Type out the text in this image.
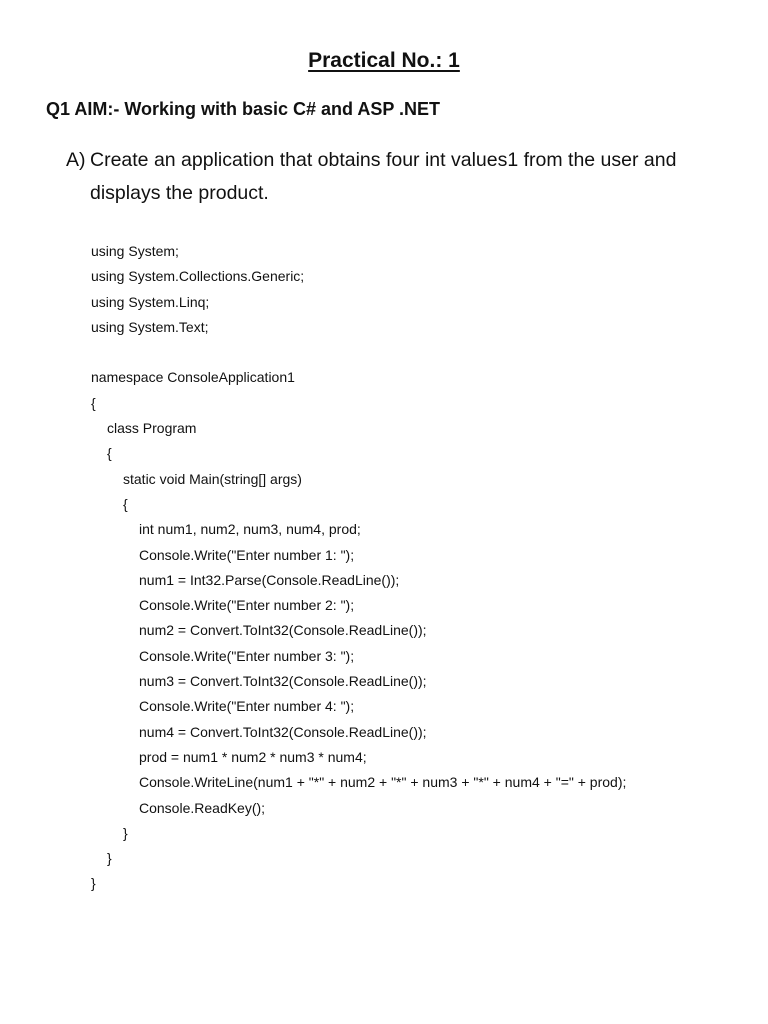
Practical No.: 1
Q1 AIM:- Working with basic C# and ASP .NET
A) Create an application that obtains four int values1 from the user and displays the product.
using System;
using System.Collections.Generic;
using System.Linq;
using System.Text;
namespace ConsoleApplication1
{
class Program
{
static void Main(string[] args)
{
int num1, num2, num3, num4, prod;
Console.Write("Enter number 1: ");
num1 = Int32.Parse(Console.ReadLine());
Console.Write("Enter number 2: ");
num2 = Convert.ToInt32(Console.ReadLine());
Console.Write("Enter number 3: ");
num3 = Convert.ToInt32(Console.ReadLine());
Console.Write("Enter number 4: ");
num4 = Convert.ToInt32(Console.ReadLine());
prod = num1 * num2 * num3 * num4;
Console.WriteLine(num1 + "*" + num2 + "*" + num3 + "*" + num4 + "=" + prod);
Console.ReadKey();
}
}
}
